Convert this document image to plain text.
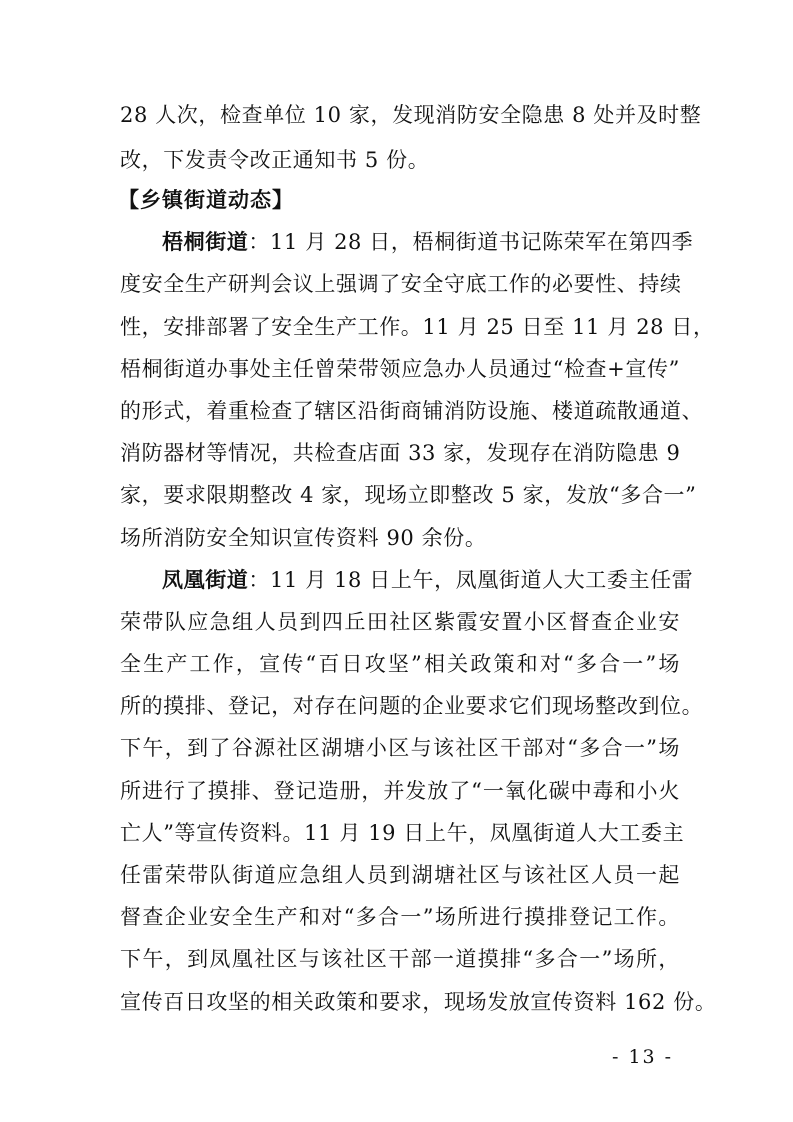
28 人次，检查单位 10 家，发现消防安全隐患 8 处并及时整
改，下发责令改正通知书 5 份。
【乡镇街道动态】
梧桐街道：11 月 28 日，梧桐街道书记陈荣军在第四季
度安全生产研判会议上强调了安全守底工作的必要性、持续
性，安排部署了安全生产工作。11 月 25 日至 11 月 28 日，
梧桐街道办事处主任曾荣带领应急办人员通过“检查+宣传”
的形式，着重检查了辖区沿街商铺消防设施、楼道疏散通道、
消防器材等情况，共检查店面 33 家，发现存在消防隐患 9
家，要求限期整改 4 家，现场立即整改 5 家，发放“多合一”
场所消防安全知识宣传资料 90 余份。
凤凰街道：11 月 18 日上午，凤凰街道人大工委主任雷
荣带队应急组人员到四丘田社区紫霞安置小区督查企业安
全生产工作，宣传“百日攻坚”相关政策和对“多合一”场
所的摸排、登记，对存在问题的企业要求它们现场整改到位。
下午，到了谷源社区湖塘小区与该社区干部对“多合一”场
所进行了摸排、登记造册，并发放了“一氧化碳中毒和小火
亡人”等宣传资料。11 月 19 日上午，凤凰街道人大工委主
任雷荣带队街道应急组人员到湖塘社区与该社区人员一起
督查企业安全生产和对“多合一”场所进行摸排登记工作。
下午，到凤凰社区与该社区干部一道摸排“多合一”场所，
宣传百日攻坚的相关政策和要求，现场发放宣传资料 162 份。
- 13 -
